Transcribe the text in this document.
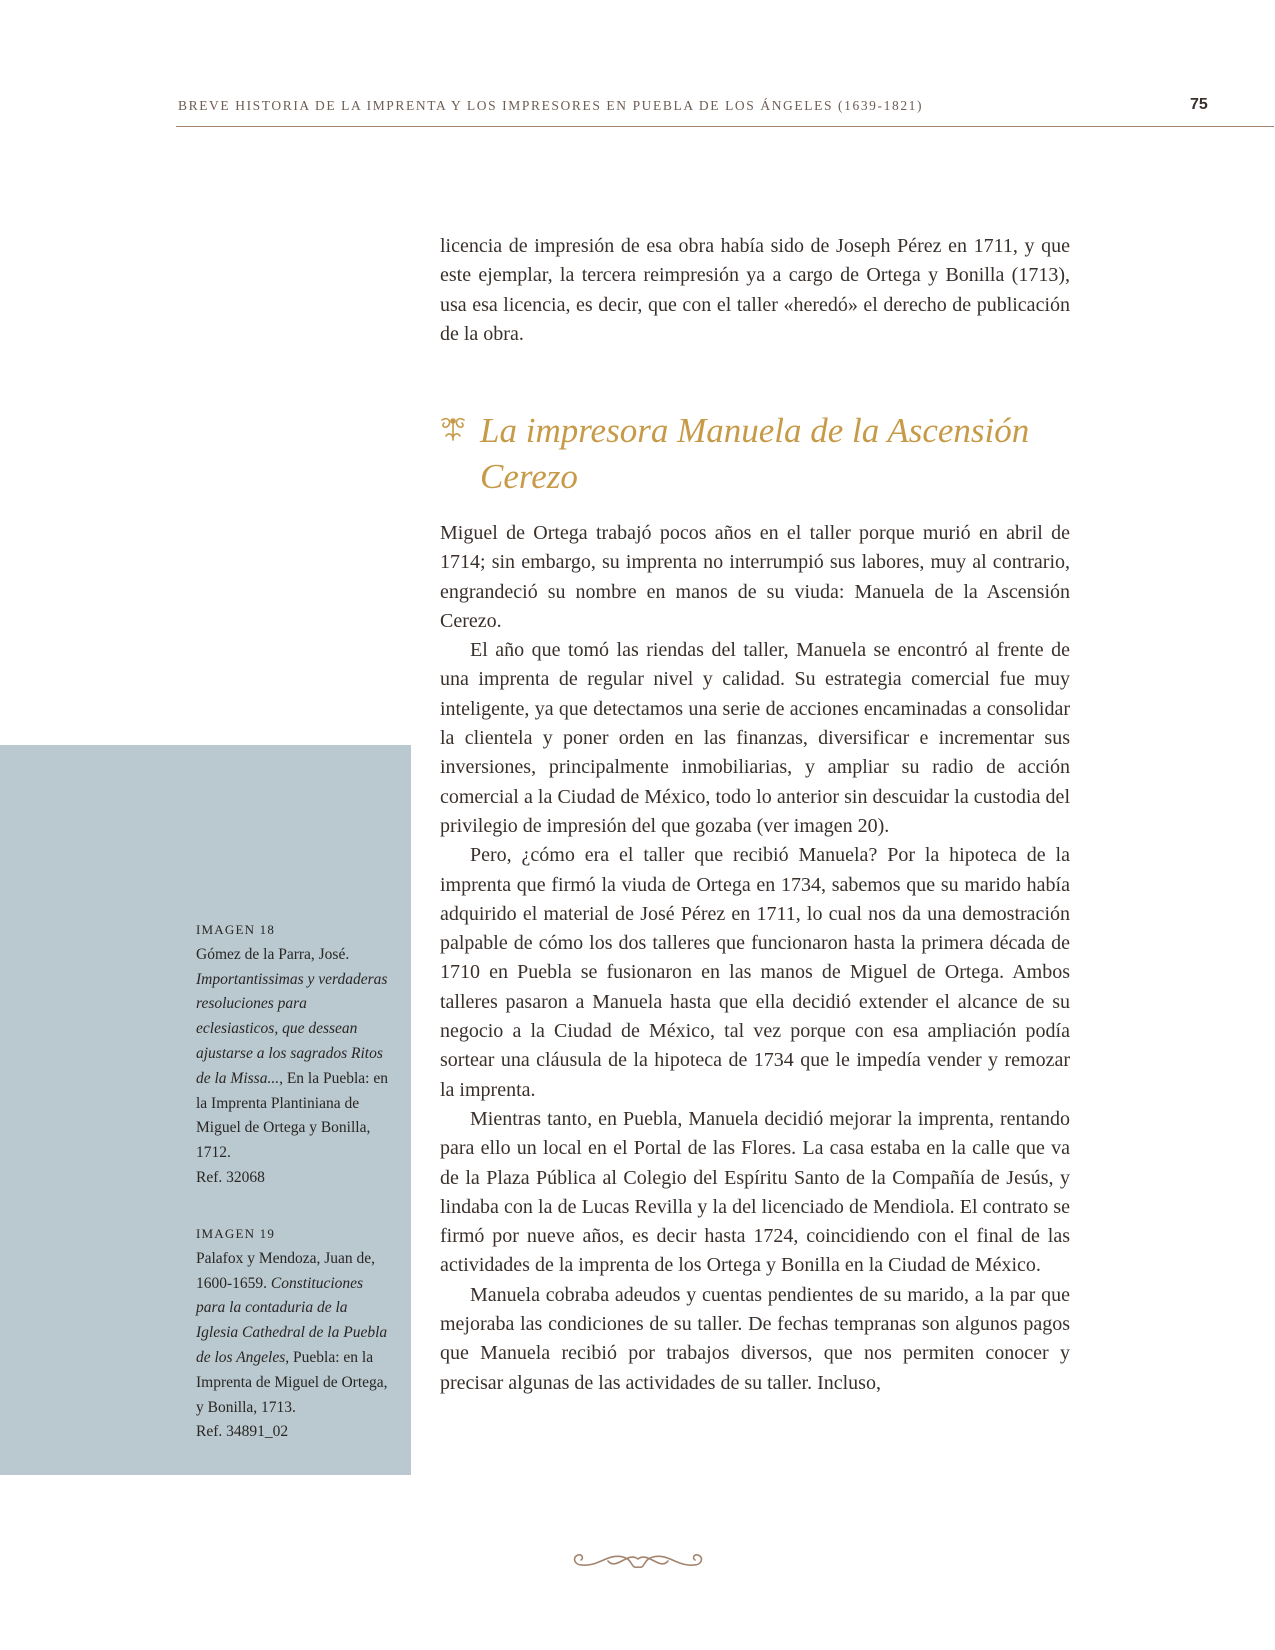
BREVE HISTORIA DE LA IMPRENTA Y LOS IMPRESORES EN PUEBLA DE LOS ÁNGELES (1639-1821)	75

licencia de impresión de esa obra había sido de Joseph Pérez en 1711, y que este ejemplar, la tercera reimpresión ya a cargo de Ortega y Bonilla (1713), usa esa licencia, es decir, que con el taller «heredó» el derecho de publicación de la obra.

La impresora Manuela de la Ascensión Cerezo

Miguel de Ortega trabajó pocos años en el taller porque murió en abril de 1714; sin embargo, su imprenta no interrumpió sus labores, muy al contrario, engrandeció su nombre en manos de su viuda: Manuela de la Ascensión Cerezo.

El año que tomó las riendas del taller, Manuela se encontró al frente de una imprenta de regular nivel y calidad. Su estrategia comercial fue muy inteligente, ya que detectamos una serie de acciones encaminadas a consolidar la clientela y poner orden en las finanzas, diversificar e incrementar sus inversiones, principalmente inmobiliarias, y ampliar su radio de acción comercial a la Ciudad de México, todo lo anterior sin descuidar la custodia del privilegio de impresión del que gozaba (ver imagen 20).

Pero, ¿cómo era el taller que recibió Manuela? Por la hipoteca de la imprenta que firmó la viuda de Ortega en 1734, sabemos que su marido había adquirido el material de José Pérez en 1711, lo cual nos da una demostración palpable de cómo los dos talleres que funcionaron hasta la primera década de 1710 en Puebla se fusionaron en las manos de Miguel de Ortega. Ambos talleres pasaron a Manuela hasta que ella decidió extender el alcance de su negocio a la Ciudad de México, tal vez porque con esa ampliación podía sortear una cláusula de la hipoteca de 1734 que le impedía vender y remozar la imprenta.

Mientras tanto, en Puebla, Manuela decidió mejorar la imprenta, rentando para ello un local en el Portal de las Flores. La casa estaba en la calle que va de la Plaza Pública al Colegio del Espíritu Santo de la Compañía de Jesús, y lindaba con la de Lucas Revilla y la del licenciado de Mendiola. El contrato se firmó por nueve años, es decir hasta 1724, coincidiendo con el final de las actividades de la imprenta de los Ortega y Bonilla en la Ciudad de México.

Manuela cobraba adeudos y cuentas pendientes de su marido, a la par que mejoraba las condiciones de su taller. De fechas tempranas son algunos pagos que Manuela recibió por trabajos diversos, que nos permiten conocer y precisar algunas de las actividades de su taller. Incluso,

IMAGEN 18
Gómez de la Parra, José. Importantissimas y verdaderas resoluciones para eclesiasticos, que dessean ajustarse a los sagrados Ritos de la Missa..., En la Puebla: en la Imprenta Plantiniana de Miguel de Ortega y Bonilla, 1712.
Ref. 32068
IMAGEN 19
Palafox y Mendoza, Juan de, 1600-1659. Constituciones para la contaduria de la Iglesia Cathedral de la Puebla de los Angeles, Puebla: en la Imprenta de Miguel de Ortega, y Bonilla, 1713.
Ref. 34891_02
